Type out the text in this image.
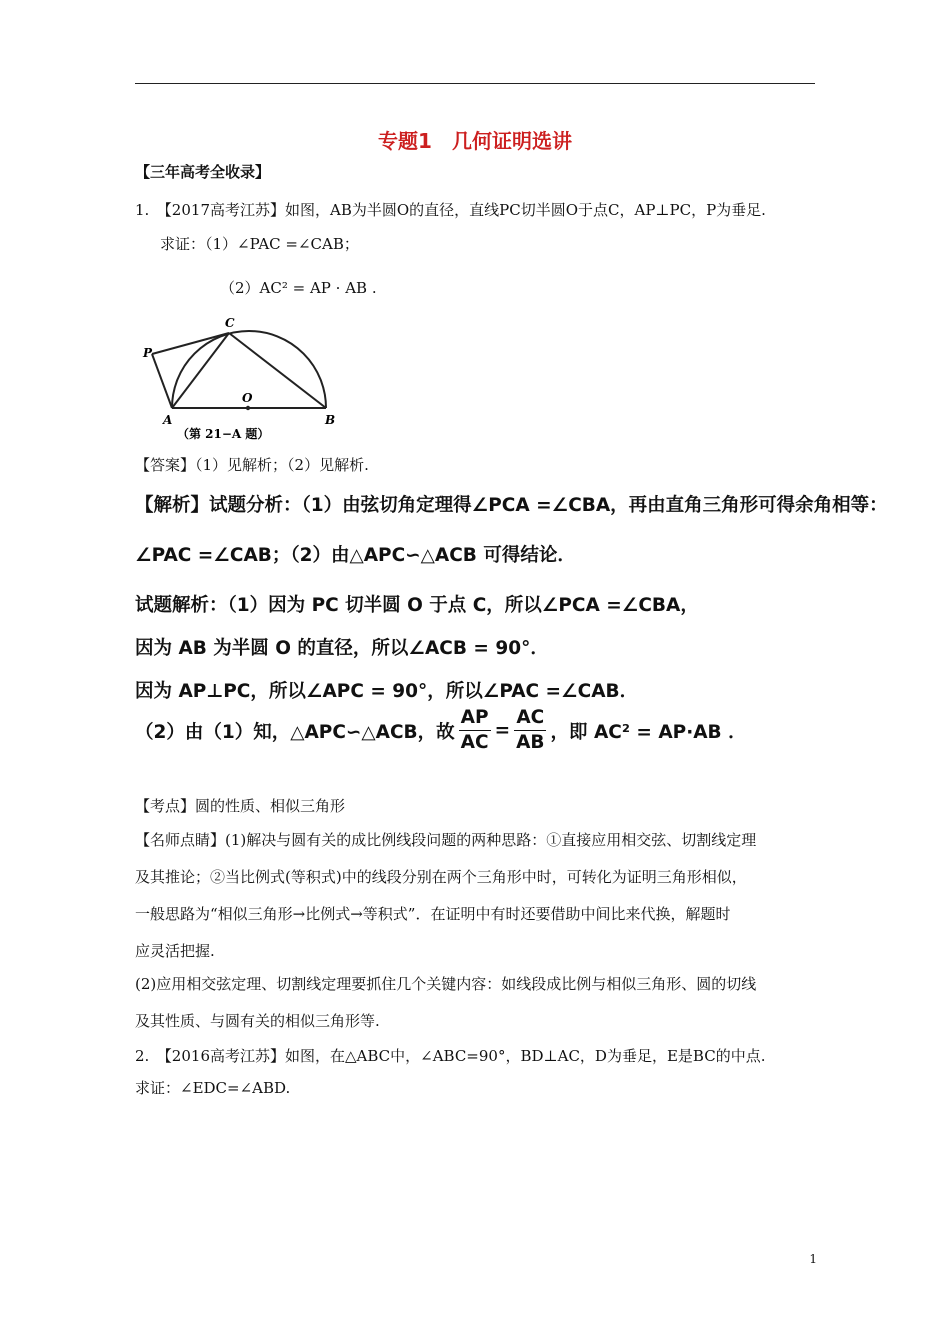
专题1　几何证明选讲
【三年高考全收录】
1.　【2017高考江苏】如图，AB为半圆O的直径，直线PC切半圆O于点C，AP⊥PC，P为垂足.
求证：（1）∠PAC =∠CAB；
（2）AC² = AP · AB .
P
C
A
O
B
（第 21−A 题）
【答案】（1）见解析；（2）见解析.
【解析】试题分析：（1）由弦切角定理得∠PCA =∠CBA，再由直角三角形可得余角相等：
∠PAC =∠CAB；（2）由△APC∽△ACB 可得结论．
试题解析：（1）因为 PC 切半圆 O 于点 C，所以∠PCA =∠CBA，
因为 AB 为半圆 O 的直径，所以∠ACB = 90°．
因为 AP⊥PC，所以∠APC = 90°，所以∠PAC =∠CAB．
（2）由（1）知，△APC∽△ACB，故 $\frac{AP}{AC} = \frac{AC}{AB}$ ，即 AC² = AP·AB ．
【考点】圆的性质、相似三角形
【名师点睛】(1)解决与圆有关的成比例线段问题的两种思路：①直接应用相交弦、切割线定理
及其推论；②当比例式(等积式)中的线段分别在两个三角形中时，可转化为证明三角形相似，
一般思路为“相似三角形→比例式→等积式”．在证明中有时还要借助中间比来代换，解题时
应灵活把握.
(2)应用相交弦定理、切割线定理要抓住几个关键内容：如线段成比例与相似三角形、圆的切线
及其性质、与圆有关的相似三角形等.
2.　【2016高考江苏】如图，在△ABC中，∠ABC=90°，BD⊥AC，D为垂足，E是BC的中点.
求证：∠EDC=∠ABD.
1
